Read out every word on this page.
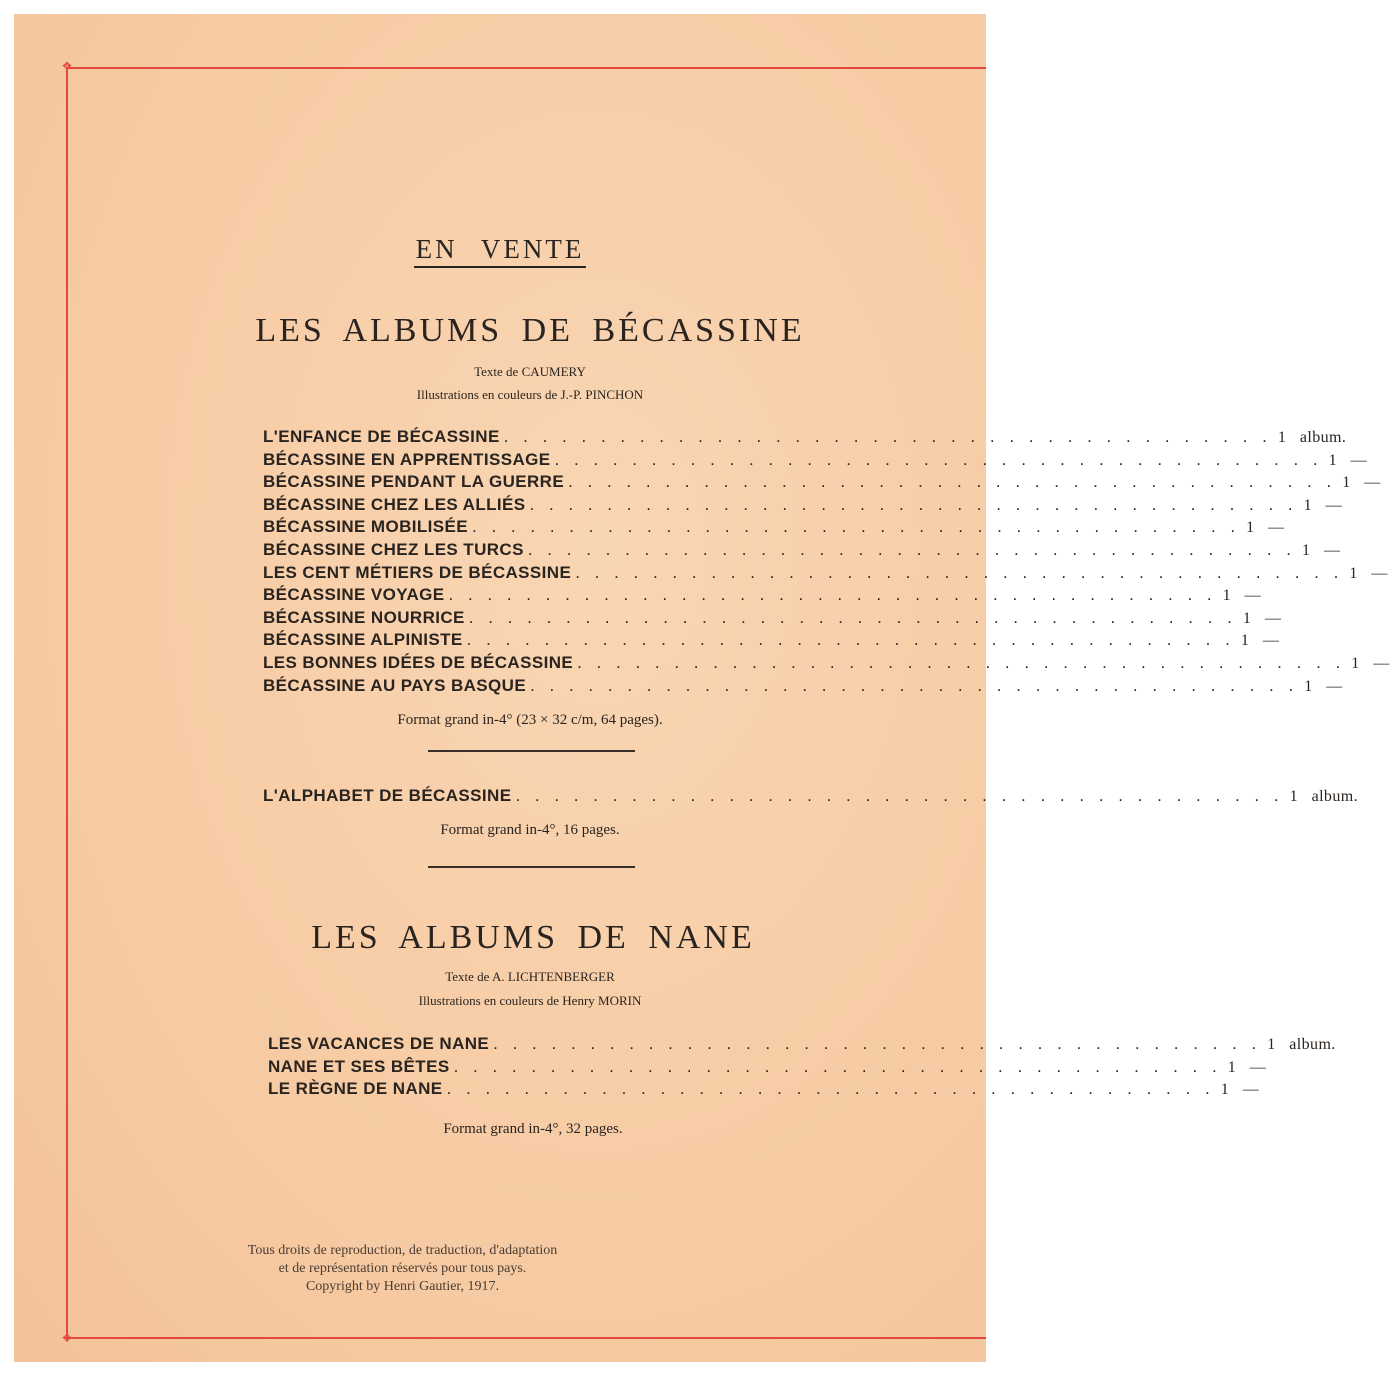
❖
❖
EN VENTE
LES ALBUMS DE BÉCASSINE
Texte de CAUMERY
Illustrations en couleurs de J.-P. PINCHON
L'ENFANCE DE BÉCASSINE . . . . . . . . . . . . . . . . . . . . . . . . . . . . . . . . . . . . . . . . 1 album.
BÉCASSINE EN APPRENTISSAGE . . . . . . . . . . . . . . . . . . . . . . . . . . . . . . . . . . . . . . . . 1 —
BÉCASSINE PENDANT LA GUERRE . . . . . . . . . . . . . . . . . . . . . . . . . . . . . . . . . . . . . . . . 1 —
BÉCASSINE CHEZ LES ALLIÉS . . . . . . . . . . . . . . . . . . . . . . . . . . . . . . . . . . . . . . . . 1 —
BÉCASSINE MOBILISÉE . . . . . . . . . . . . . . . . . . . . . . . . . . . . . . . . . . . . . . . . 1 —
BÉCASSINE CHEZ LES TURCS . . . . . . . . . . . . . . . . . . . . . . . . . . . . . . . . . . . . . . . . 1 —
LES CENT MÉTIERS DE BÉCASSINE . . . . . . . . . . . . . . . . . . . . . . . . . . . . . . . . . . . . . . . . 1 —
BÉCASSINE VOYAGE . . . . . . . . . . . . . . . . . . . . . . . . . . . . . . . . . . . . . . . . 1 —
BÉCASSINE NOURRICE . . . . . . . . . . . . . . . . . . . . . . . . . . . . . . . . . . . . . . . . 1 —
BÉCASSINE ALPINISTE . . . . . . . . . . . . . . . . . . . . . . . . . . . . . . . . . . . . . . . . 1 —
LES BONNES IDÉES DE BÉCASSINE . . . . . . . . . . . . . . . . . . . . . . . . . . . . . . . . . . . . . . . . 1 —
BÉCASSINE AU PAYS BASQUE . . . . . . . . . . . . . . . . . . . . . . . . . . . . . . . . . . . . . . . . 1 —
Format grand in-4° (23 × 32 c/m, 64 pages).
L'ALPHABET DE BÉCASSINE . . . . . . . . . . . . . . . . . . . . . . . . . . . . . . . . . . . . . . . . 1 album.
Format grand in-4°, 16 pages.
LES ALBUMS DE NANE
Texte de A. LICHTENBERGER
Illustrations en couleurs de Henry MORIN
LES VACANCES DE NANE . . . . . . . . . . . . . . . . . . . . . . . . . . . . . . . . . . . . . . . . 1 album.
NANE ET SES BÊTES . . . . . . . . . . . . . . . . . . . . . . . . . . . . . . . . . . . . . . . . 1 —
LE RÈGNE DE NANE . . . . . . . . . . . . . . . . . . . . . . . . . . . . . . . . . . . . . . . . 1 —
Format grand in-4°, 32 pages.
Tous droits de reproduction, de traduction, d'adaptation
et de représentation réservés pour tous pays.
Copyright by Henri Gautier, 1917.
